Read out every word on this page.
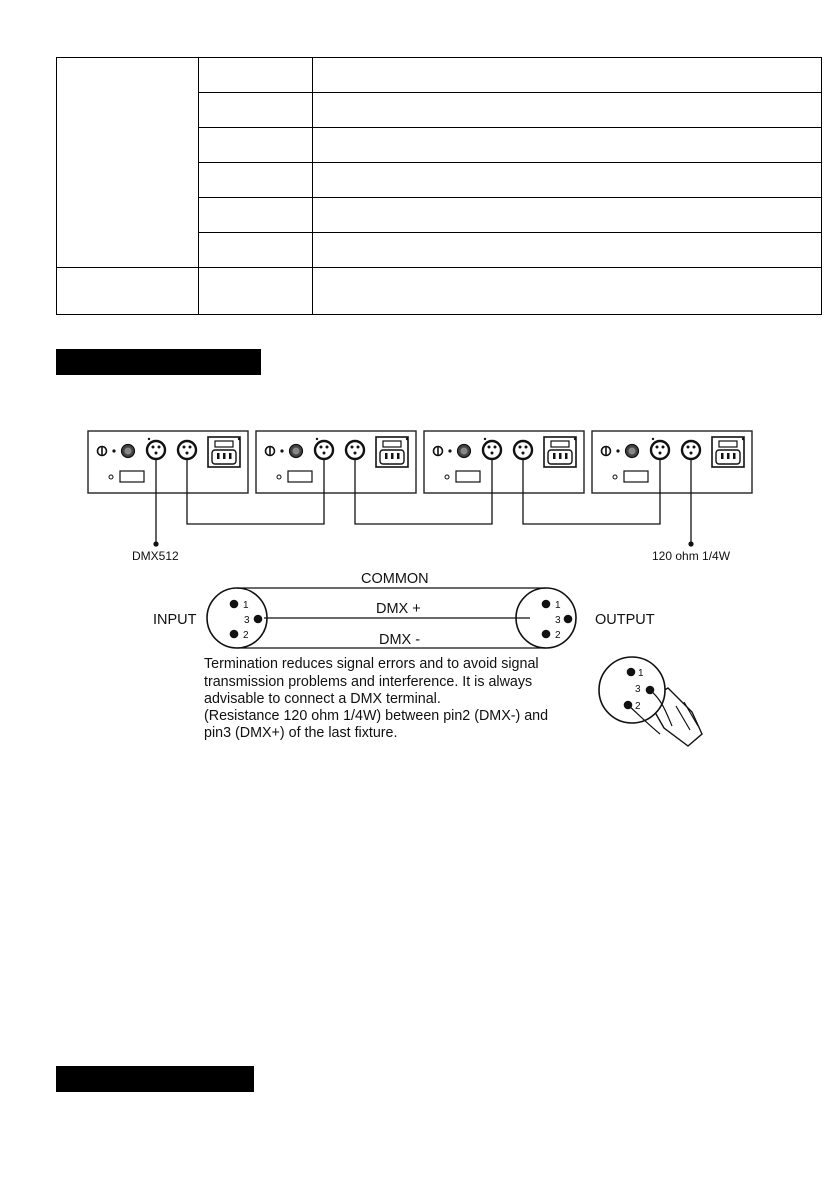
DMX512	120 ohm 1/4W
1
3
2
1
3
2
COMMON
DMX +
DMX -
INPUT	OUTPUT
Termination reduces signal errors and to avoid signal
transmission problems and interference. It is always
advisable to connect a DMX terminal.
(Resistance 120 ohm 1/4W) between pin2 (DMX-) and
pin3 (DMX+) of the last fixture.
1
3
2
